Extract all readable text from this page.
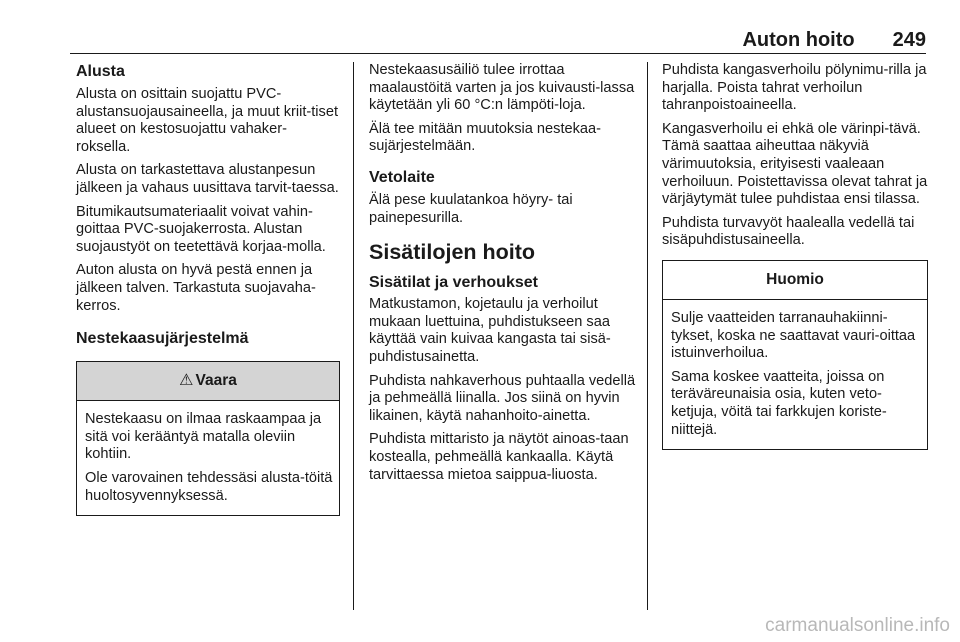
Auton hoito 249
Alusta

Alusta on osittain suojattu PVC-alustansuojausaineella, ja muut kriit-tiset alueet on kestosuojattu vahaker-roksella.

Alusta on tarkastettava alustanpesun jälkeen ja vahaus uusittava tarvit-taessa.

Bitumikautsumateriaalit voivat vahin-goittaa PVC-suojakerrosta. Alustan suojaustyöt on teetettävä korjaa-molla.

Auton alusta on hyvä pestä ennen ja jälkeen talven. Tarkastuta suojavaha-kerros.

Nestekaasujärjestelmä
⚠ Vaara

Nestekaasu on ilmaa raskaampaa ja sitä voi kerääntyä matalla oleviin kohtiin.

Ole varovainen tehdessäsi alusta-töitä huoltosyvennyksessä.

Nestekaasusäiliö tulee irrottaa maalaustöitä varten ja jos kuivausti-lassa käytetään yli 60 °C:n lämpöti-loja.

Älä tee mitään muutoksia nestekaa-sujärjestelmään.

Vetolaite

Älä pese kuulatankoa höyry- tai painepesurilla.

Sisätilojen hoito
Sisätilat ja verhoukset

Matkustamon, kojetaulu ja verhoilut mukaan luettuina, puhdistukseen saa käyttää vain kuivaa kangasta tai sisä-puhdistusainetta.

Puhdista nahkaverhous puhtaalla vedellä ja pehmeällä liinalla. Jos siinä on hyvin likainen, käytä nahanhoito-ainetta.

Puhdista mittaristo ja näytöt ainoas-taan kostealla, pehmeällä kankaalla. Käytä tarvittaessa mietoa saippua-liuosta.

Puhdista kangasverhoilu pölynimu-rilla ja harjalla. Poista tahrat verhoilun tahranpoistoaineella.

Kangasverhoilu ei ehkä ole värinpi-tävä. Tämä saattaa aiheuttaa näkyviä värimuutoksia, erityisesti vaaleaan verhoiluun. Poistettavissa olevat tahrat ja värjäytymät tulee puhdistaa ensi tilassa.

Puhdista turvavyöt haalealla vedellä tai sisäpuhdistusaineella.

Huomio

Sulje vaatteiden tarranauhakiinni-tykset, koska ne saattavat vauri-oittaa istuinverhoilua.

Sama koskee vaatteita, joissa on teräväreunaisia osia, kuten veto-ketjuja, vöitä tai farkkujen koriste-niittejä.

carmanualsonline.info
